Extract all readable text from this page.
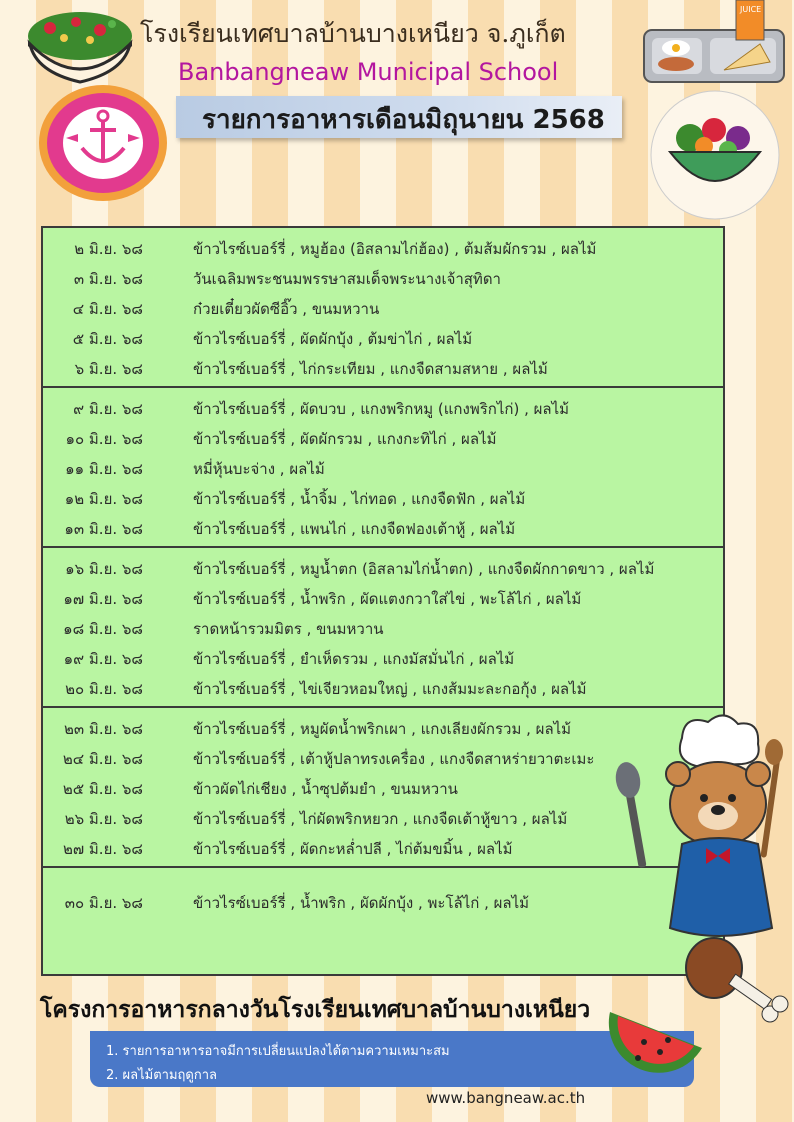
JUICE
โรงเรียนเทศบาลบ้านบางเหนียว จ.ภูเก็ต
Banbangneaw Municipal School
รายการอาหารเดือนมิถุนายน 2568
๒ มิ.ย. ๖๘	ข้าวไรซ์เบอร์รี่ , หมูฮ้อง (อิสลามไก่ฮ้อง) , ต้มส้มผักรวม , ผลไม้
๓ มิ.ย. ๖๘	วันเฉลิมพระชนมพรรษาสมเด็จพระนางเจ้าสุทิดา
๔ มิ.ย. ๖๘	ก๋วยเตี๋ยวผัดซีอิ๊ว , ขนมหวาน
๕ มิ.ย. ๖๘	ข้าวไรซ์เบอร์รี่ , ผัดผักบุ้ง , ต้มข่าไก่ , ผลไม้
๖ มิ.ย. ๖๘	ข้าวไรซ์เบอร์รี่ , ไก่กระเทียม , แกงจืดสามสหาย , ผลไม้
๙ มิ.ย. ๖๘	ข้าวไรซ์เบอร์รี่ , ผัดบวบ , แกงพริกหมู (แกงพริกไก่) , ผลไม้
๑๐ มิ.ย. ๖๘	ข้าวไรซ์เบอร์รี่ , ผัดผักรวม , แกงกะทิไก่ , ผลไม้
๑๑ มิ.ย. ๖๘	หมี่หุ้นบะจ่าง , ผลไม้
๑๒ มิ.ย. ๖๘	ข้าวไรซ์เบอร์รี่ , น้ำจิ้ม , ไก่ทอด , แกงจืดฟัก , ผลไม้
๑๓ มิ.ย. ๖๘	ข้าวไรซ์เบอร์รี่ , แพนไก่ , แกงจืดฟองเต้าหู้ , ผลไม้
๑๖ มิ.ย. ๖๘	ข้าวไรซ์เบอร์รี่ , หมูน้ำตก (อิสลามไก่น้ำตก) , แกงจืดผักกาดขาว , ผลไม้
๑๗ มิ.ย. ๖๘	ข้าวไรซ์เบอร์รี่ , น้ำพริก , ผัดแตงกวาใส่ไข่ , พะโล้ไก่ , ผลไม้
๑๘ มิ.ย. ๖๘	ราดหน้ารวมมิตร , ขนมหวาน
๑๙ มิ.ย. ๖๘	ข้าวไรซ์เบอร์รี่ , ยำเห็ดรวม , แกงมัสมั่นไก่ , ผลไม้
๒๐ มิ.ย. ๖๘	ข้าวไรซ์เบอร์รี่ , ไข่เจียวหอมใหญ่ , แกงส้มมะละกอกุ้ง , ผลไม้
๒๓ มิ.ย. ๖๘	ข้าวไรซ์เบอร์รี่ , หมูผัดน้ำพริกเผา , แกงเลียงผักรวม , ผลไม้
๒๔ มิ.ย. ๖๘	ข้าวไรซ์เบอร์รี่ , เต้าหู้ปลาทรงเครื่อง , แกงจืดสาหร่ายวาตะเมะ
๒๕ มิ.ย. ๖๘	ข้าวผัดไก่เชียง , น้ำซุปต้มยำ , ขนมหวาน
๒๖ มิ.ย. ๖๘	ข้าวไรซ์เบอร์รี่ , ไก่ผัดพริกหยวก , แกงจืดเต้าหู้ขาว , ผลไม้
๒๗ มิ.ย. ๖๘	ข้าวไรซ์เบอร์รี่ , ผัดกะหล่ำปลี , ไก่ต้มขมิ้น , ผลไม้
๓๐ มิ.ย. ๖๘	ข้าวไรซ์เบอร์รี่ , น้ำพริก , ผัดผักบุ้ง , พะโล้ไก่ , ผลไม้
โครงการอาหารกลางวันโรงเรียนเทศบาลบ้านบางเหนียว
1. รายการอาหารอาจมีการเปลี่ยนแปลงได้ตามความเหมาะสม
2. ผลไม้ตามฤดูกาล
www.bangneaw.ac.th
